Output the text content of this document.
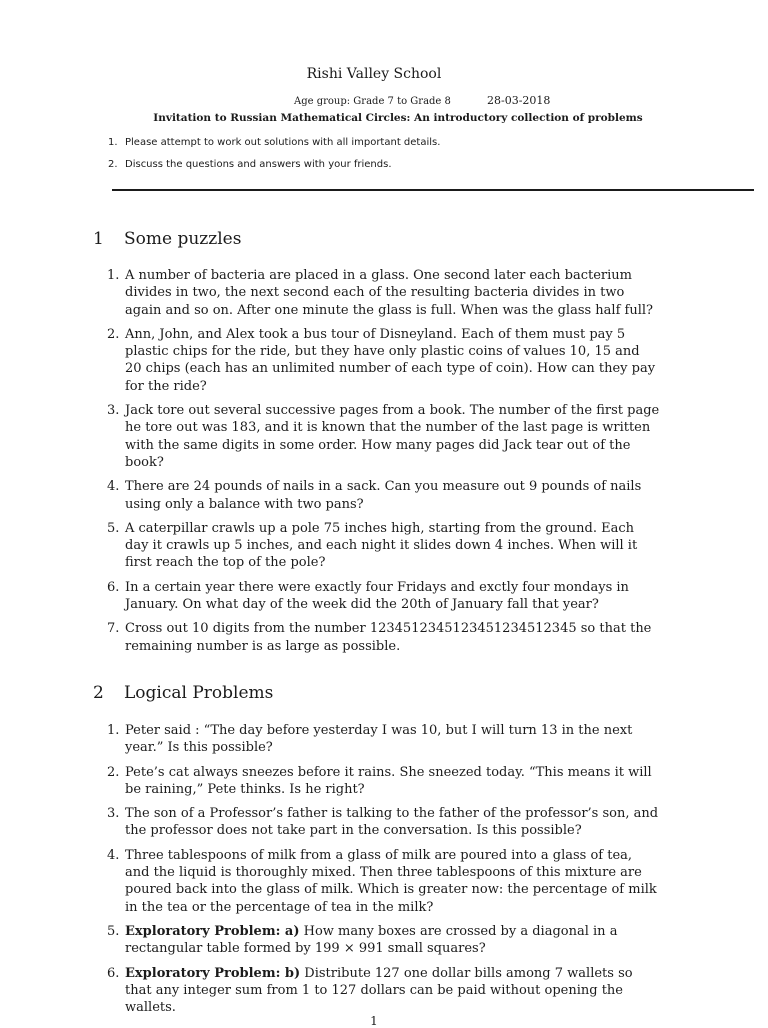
Rishi Valley School
Age group: Grade 7 to Grade 8	28-03-2018
Invitation to Russian Mathematical Circles: An introductory collection of problems
1. Please attempt to work out solutions with all important details.
2. Discuss the questions and answers with your friends.
1 Some puzzles
1. A number of bacteria are placed in a glass. One second later each bacterium divides in two, the next second each of the resulting bacteria divides in two again and so on. After one minute the glass is full. When was the glass half full?
2. Ann, John, and Alex took a bus tour of Disneyland. Each of them must pay 5 plastic chips for the ride, but they have only plastic coins of values 10, 15 and 20 chips (each has an unlimited number of each type of coin). How can they pay for the ride?
3. Jack tore out several successive pages from a book. The number of the first page he tore out was 183, and it is known that the number of the last page is written with the same digits in some order. How many pages did Jack tear out of the book?
4. There are 24 pounds of nails in a sack. Can you measure out 9 pounds of nails using only a balance with two pans?
5. A caterpillar crawls up a pole 75 inches high, starting from the ground. Each day it crawls up 5 inches, and each night it slides down 4 inches. When will it first reach the top of the pole?
6. In a certain year there were exactly four Fridays and exctly four mondays in January. On what day of the week did the 20th of January fall that year?
7. Cross out 10 digits from the number 1234512345123451234512345 so that the remaining number is as large as possible.
2 Logical Problems
1. Peter said : “The day before yesterday I was 10, but I will turn 13 in the next year.” Is this possible?
2. Pete’s cat always sneezes before it rains. She sneezed today. “This means it will be raining,” Pete thinks. Is he right?
3. The son of a Professor’s father is talking to the father of the professor’s son, and the professor does not take part in the conversation. Is this possible?
4. Three tablespoons of milk from a glass of milk are poured into a glass of tea, and the liquid is thoroughly mixed. Then three tablespoons of this mixture are poured back into the glass of milk. Which is greater now: the percentage of milk in the tea or the percentage of tea in the milk?
5. Exploratory Problem: a) How many boxes are crossed by a diagonal in a rectangular table formed by 199 × 991 small squares?
6. Exploratory Problem: b) Distribute 127 one dollar bills among 7 wallets so that any integer sum from 1 to 127 dollars can be paid without opening the wallets.
1
